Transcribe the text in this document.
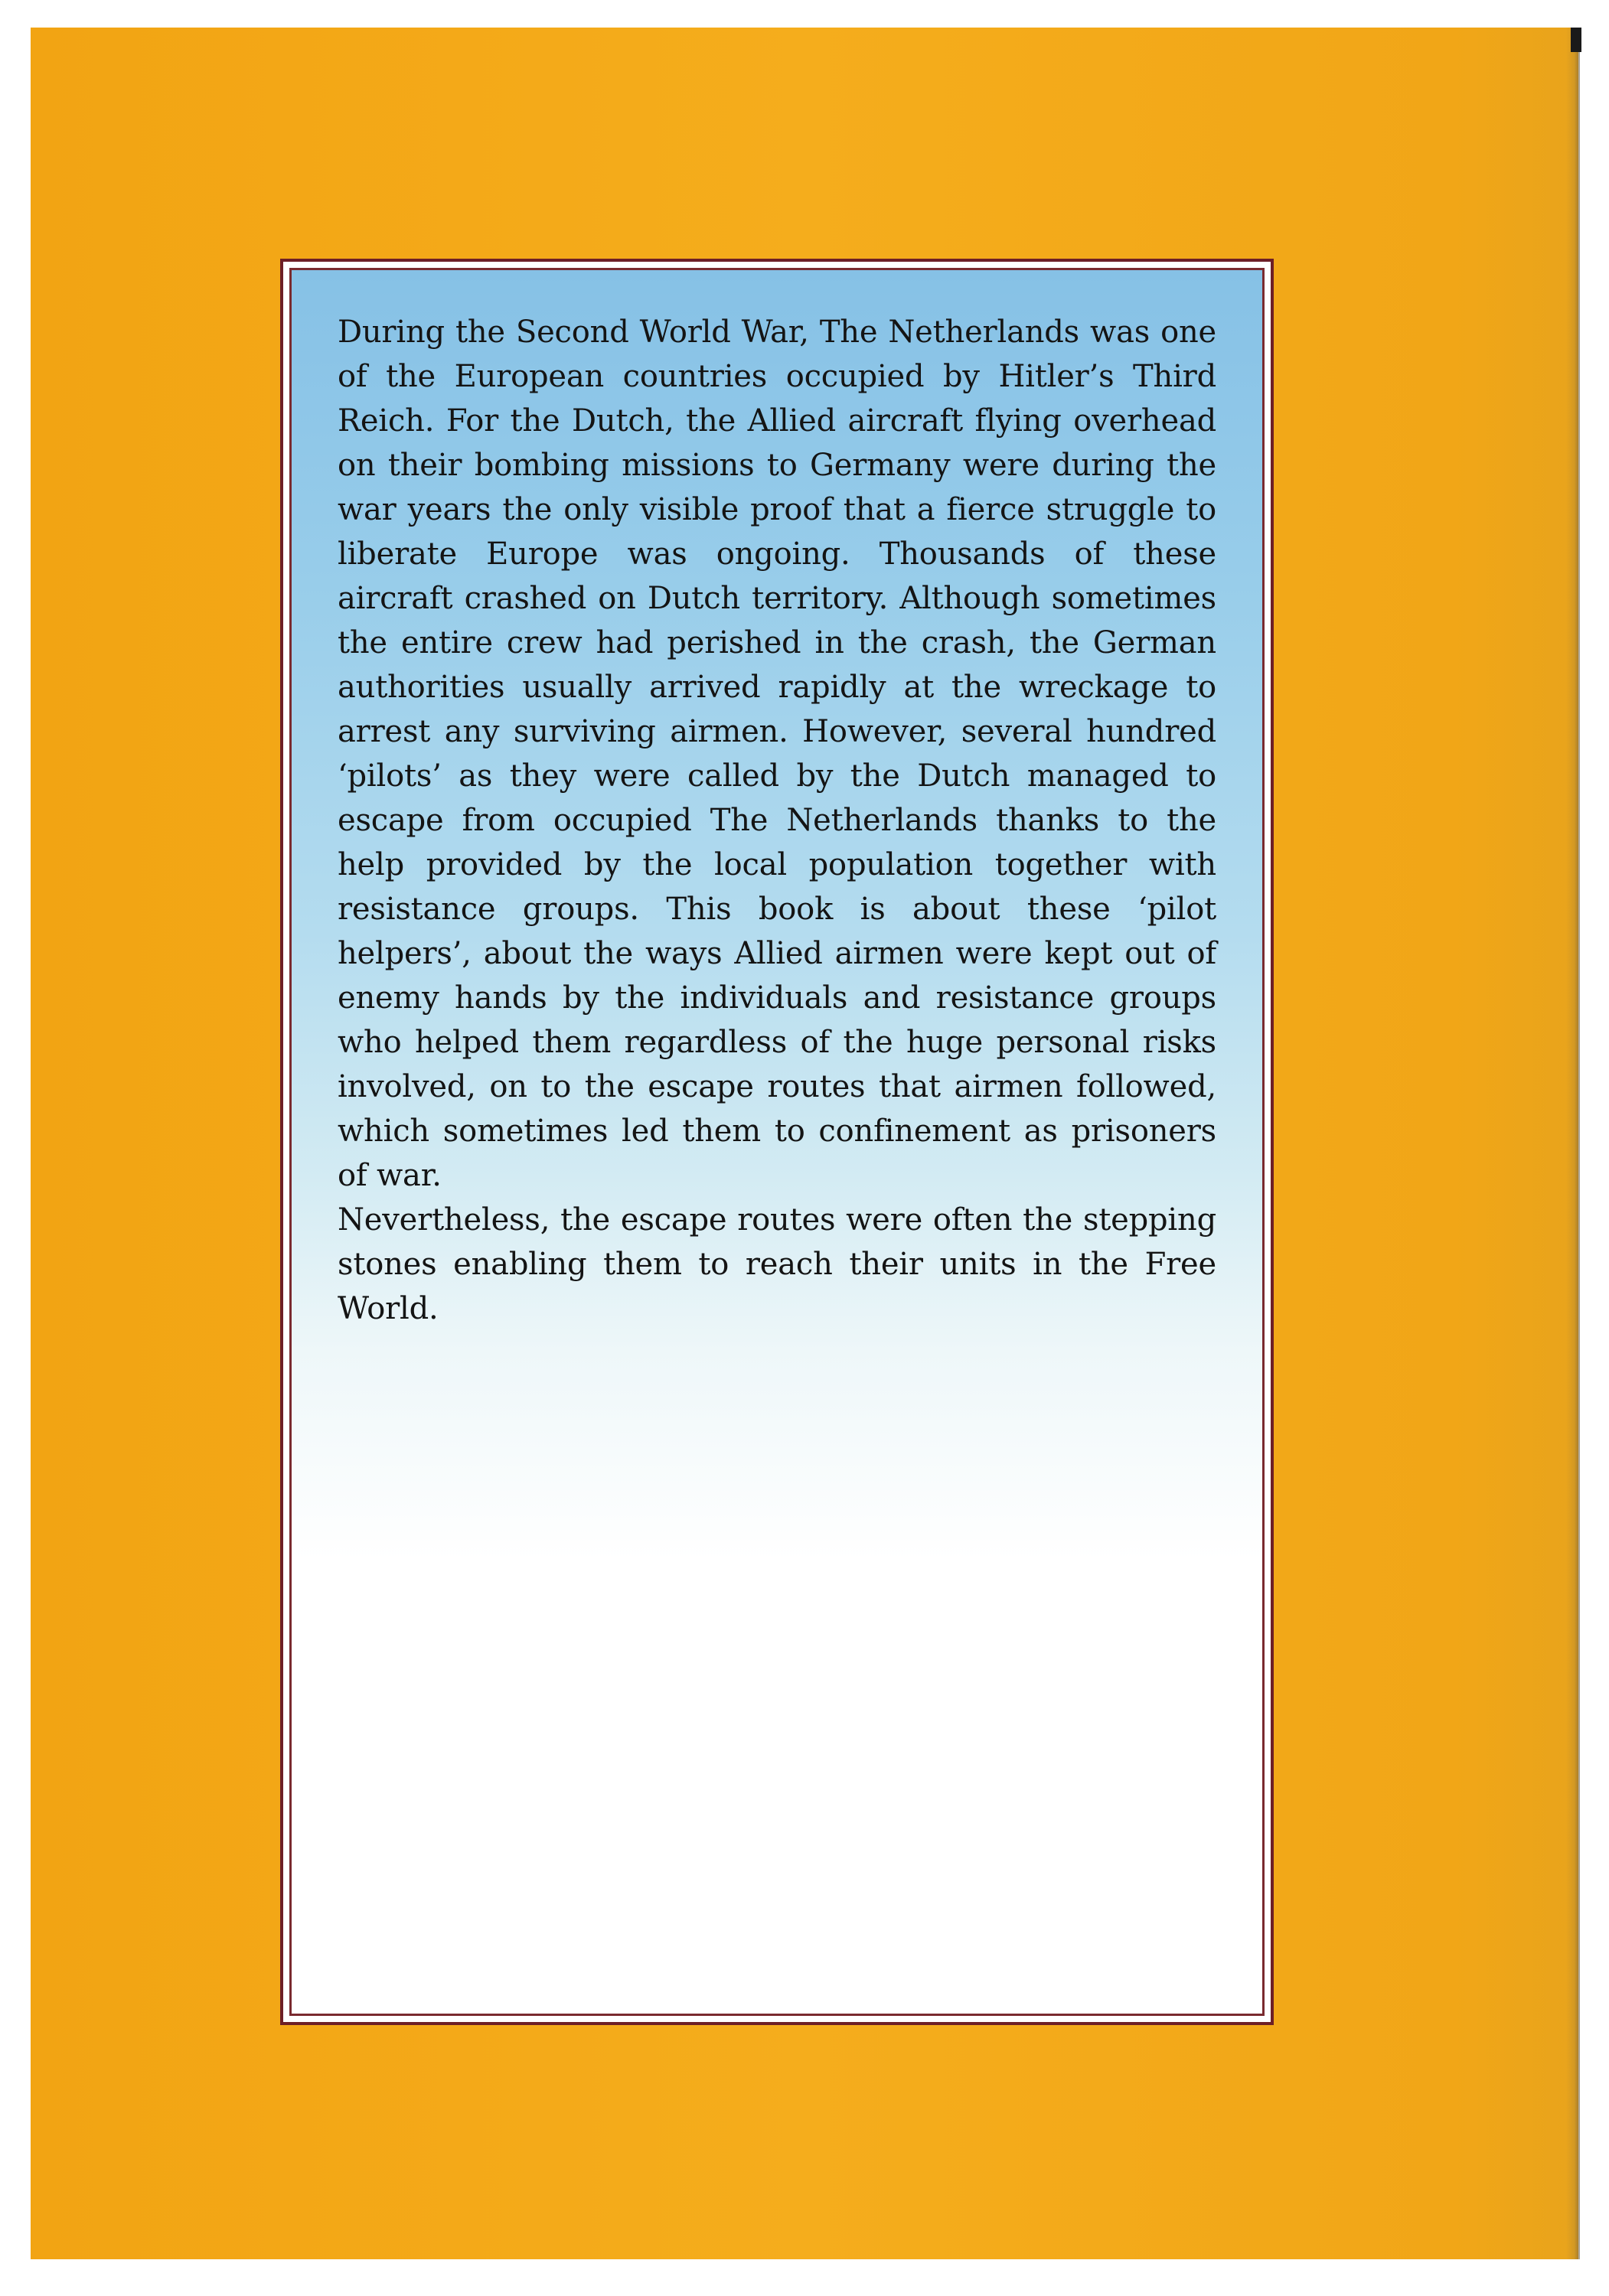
During the Second World War, The Netherlands was one of the European countries occupied by Hitler’s Third Reich. For the Dutch, the Allied aircraft flying overhead on their bombing missions to Germany were during the war years the only visible proof that a fierce struggle to liberate Europe was ongoing. Thousands of these aircraft crashed on Dutch territory. Although sometimes the entire crew had perished in the crash, the German authorities usually arrived rapidly at the wreckage to arrest any surviving airmen. However, several hundred ‘pilots’ as they were called by the Dutch managed to escape from occupied The Netherlands thanks to the help provided by the local population together with resistance groups. This book is about these ‘pilot helpers’, about the ways Allied airmen were kept out of enemy hands by the individuals and resistance groups who helped them regardless of the huge personal risks involved, on to the escape routes that airmen followed, which sometimes led them to confinement as prisoners of war.

Nevertheless, the escape routes were often the stepping stones enabling them to reach their units in the Free World.
